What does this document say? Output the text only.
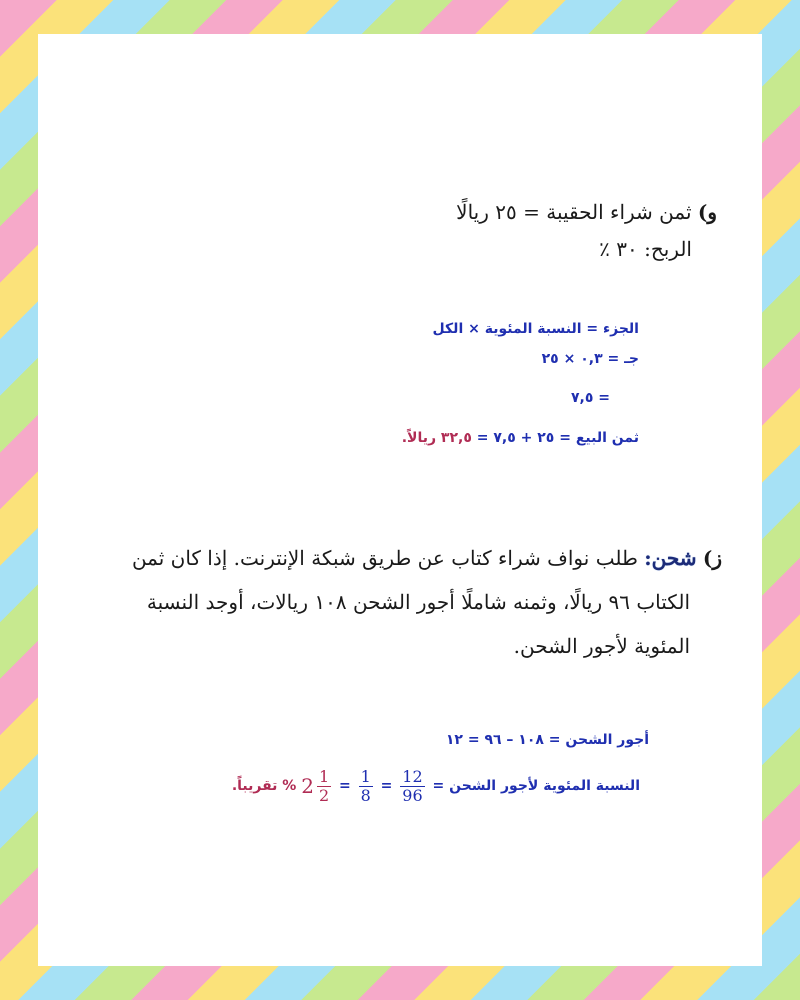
و) ثمن شراء الحقيبة = ٢٥ ريالًا
الربح: ٣٠ ٪
الجزء = النسبة المئوية × الكل
جـ = ٠,٣ × ٢٥
= ٧,٥
ثمن البيع = ٢٥ + ٧,٥ = ٣٢,٥ ريالاً.
ز) شحن: طلب نواف شراء كتاب عن طريق شبكة الإنترنت. إذا كان ثمن
الكتاب ٩٦ ريالًا، وثمنه شاملًا أجور الشحن ١٠٨ ريالات، أوجد النسبة
المئوية لأجور الشحن.
أجور الشحن = ١٠٨ – ٩٦ = ١٢
النسبة المئوية لأجور الشحن =
$\frac{12}{96}$
=
$\frac{1}{8}$
= $2 \frac{1}{2}$
% تقريباً.
